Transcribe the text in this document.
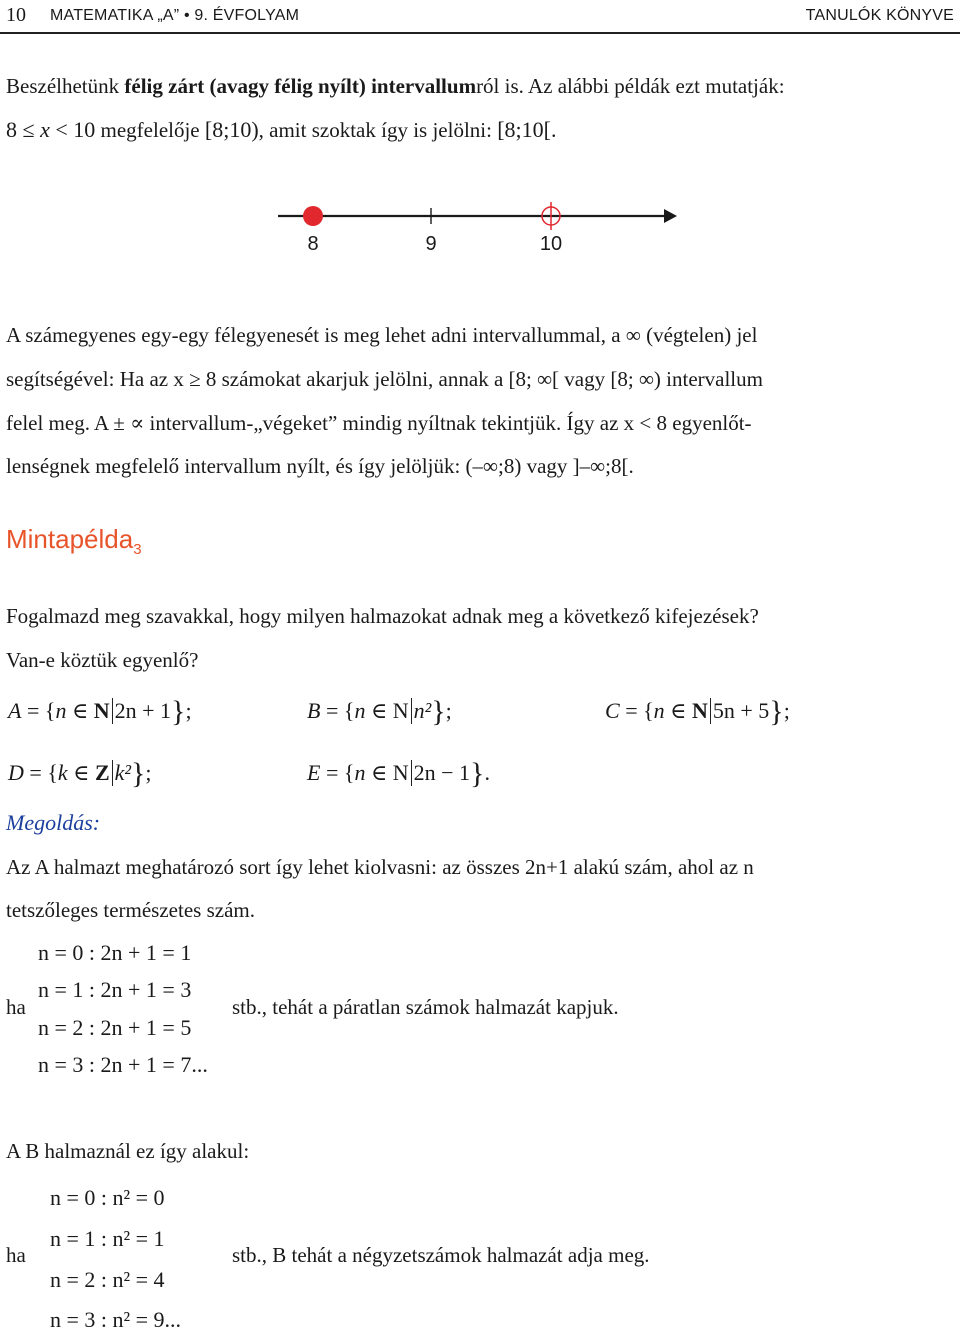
10 MATEMATIKA „A” • 9. ÉVFOLYAM	TANULÓK KÖNYVE
Beszélhetünk félig zárt (avagy félig nyílt) intervallumról is. Az alábbi példák ezt mutatják:
8 ≤ x < 10 megfelelője [8;10), amit szoktak így is jelölni: [8;10[.
8	9	10
A számegyenes egy-egy félegyenesét is meg lehet adni intervallummal, a ∞ (végtelen) jel
segítségével: Ha az x ≥ 8 számokat akarjuk jelölni, annak a [8; ∞[ vagy [8; ∞) intervallum
felel meg. A ± ∝ intervallum-„végeket” mindig nyíltnak tekintjük. Így az x < 8 egyenlőt-
lenségnek megfelelő intervallum nyílt, és így jelöljük: (–∞;8) vagy ]–∞;8[.
Mintapélda$_3$
Fogalmazd meg szavakkal, hogy milyen halmazokat adnak meg a következő kifejezések?
Van-e köztük egyenlő?
A = {n ∈ N 2n + 1};	B = {n ∈ N n²};	C = {n ∈ N 5n + 5};
D = {k ∈ Z k²};	E = {n ∈ N 2n − 1}.
Megoldás:
Az A halmazt meghatározó sort így lehet kiolvasni: az összes 2n+1 alakú szám, ahol az n
tetszőleges természetes szám.
n = 0 : 2n + 1 = 1
n = 1 : 2n + 1 = 3
n = 2 : 2n + 1 = 5
n = 3 : 2n + 1 = 7...
ha	stb., tehát a páratlan számok halmazát kapjuk.
A B halmaznál ez így alakul:
n = 0 : n² = 0
n = 1 : n² = 1
n = 2 : n² = 4
n = 3 : n² = 9...
ha	stb., B tehát a négyzetszámok halmazát adja meg.
